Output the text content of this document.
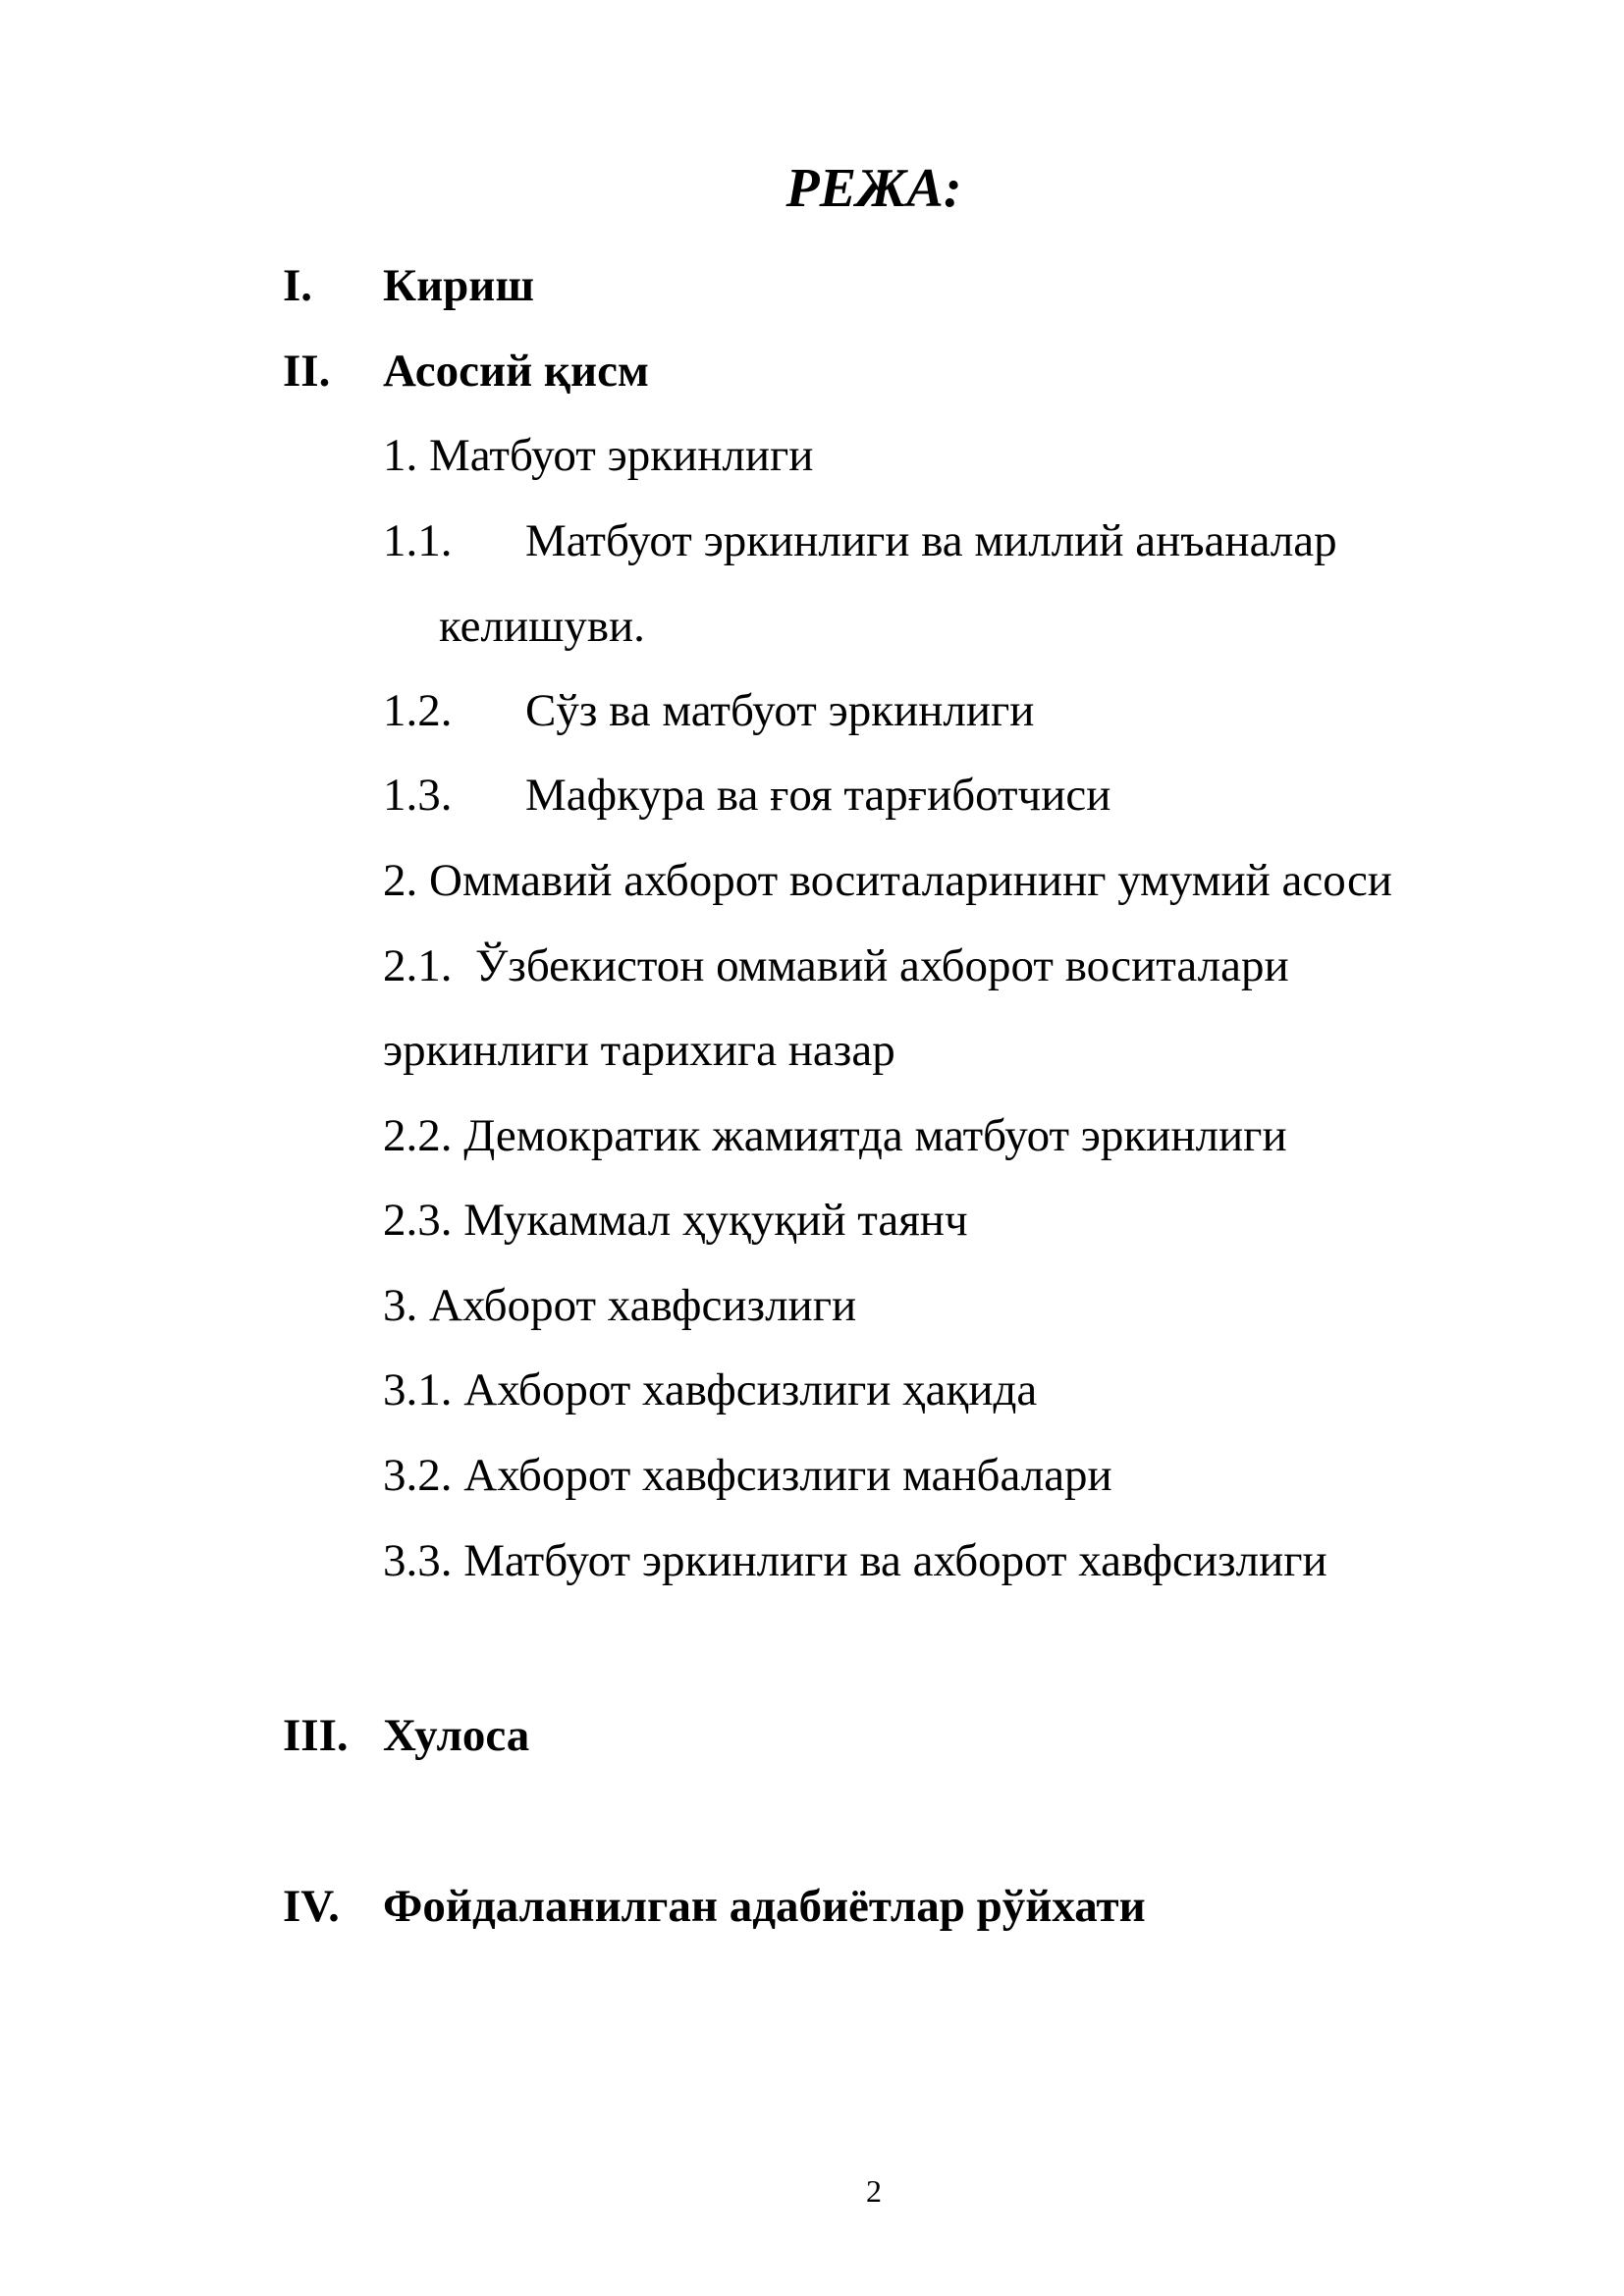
РЕЖА:
I. Кириш
II. Асосий қисм
1. Матбуот эркинлиги
1.1. Матбуот эркинлиги ва миллий анъаналар
келишуви.
1.2. Сўз ва матбуот эркинлиги
1.3. Мафкура ва ғоя тарғиботчиси
2. Оммавий ахборот воситаларининг умумий асоси
2.1. Ўзбекистон оммавий ахборот воситалари
эркинлиги тарихига назар
2.2. Демократик жамиятда матбуот эркинлиги
2.3. Мукаммал ҳуқуқий таянч
3. Ахборот хавфсизлиги
3.1. Ахборот хавфсизлиги ҳақида
3.2. Ахборот хавфсизлиги манбалари
3.3. Матбуот эркинлиги ва ахборот хавфсизлиги
III. Хулоса
IV. Фойдаланилган адабиётлар рўйхати
2
